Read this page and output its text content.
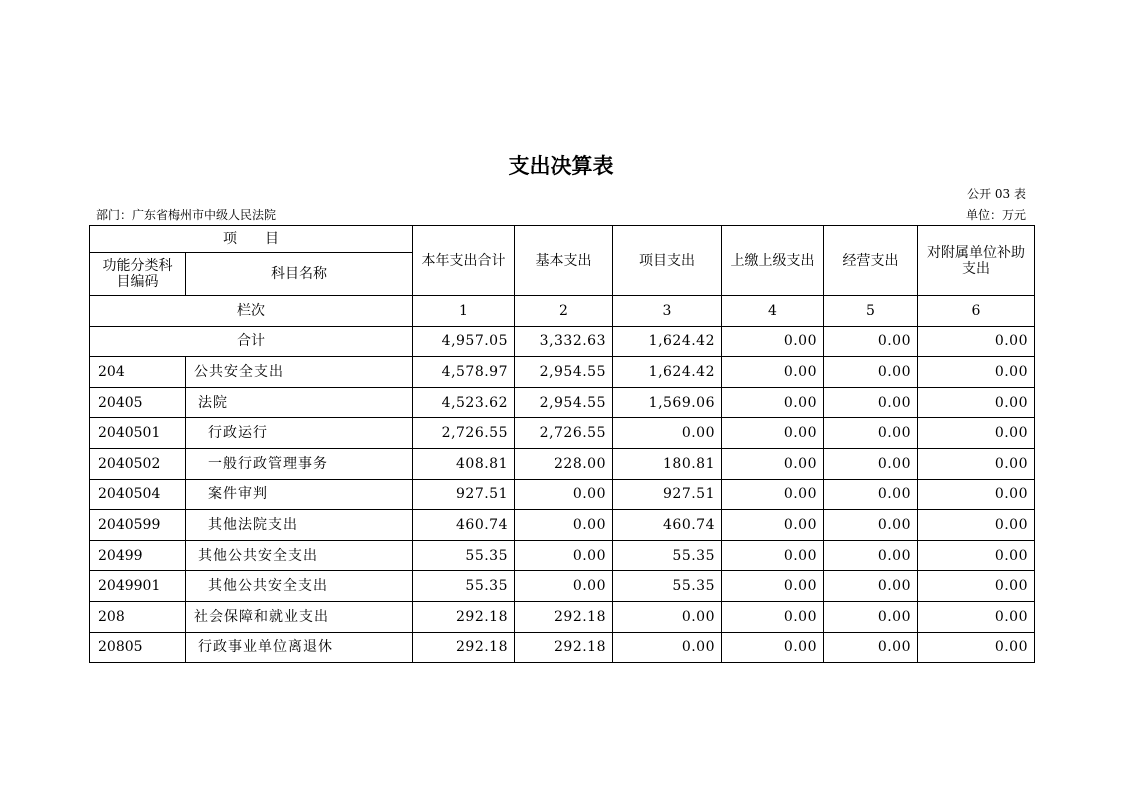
支出决算表
公开 03 表
部门：广东省梅州市中级人民法院	单位：万元
项　　目		本年支出合计	基本支出	项目支出	上缴上级支出	经营支出	对附属单位补助支出
功能分类科目编码	科目名称						
栏次		1	2	3	4	5	6
合计		4,957.05	3,332.63	1,624.42	0.00	0.00	0.00
204	公共安全支出	4,578.97	2,954.55	1,624.42	0.00	0.00	0.00
20405	法院	4,523.62	2,954.55	1,569.06	0.00	0.00	0.00
2040501	行政运行	2,726.55	2,726.55	0.00	0.00	0.00	0.00
2040502	一般行政管理事务	408.81	228.00	180.81	0.00	0.00	0.00
2040504	案件审判	927.51	0.00	927.51	0.00	0.00	0.00
2040599	其他法院支出	460.74	0.00	460.74	0.00	0.00	0.00
20499	其他公共安全支出	55.35	0.00	55.35	0.00	0.00	0.00
2049901	其他公共安全支出	55.35	0.00	55.35	0.00	0.00	0.00
208	社会保障和就业支出	292.18	292.18	0.00	0.00	0.00	0.00
20805	行政事业单位离退休	292.18	292.18	0.00	0.00	0.00	0.00
